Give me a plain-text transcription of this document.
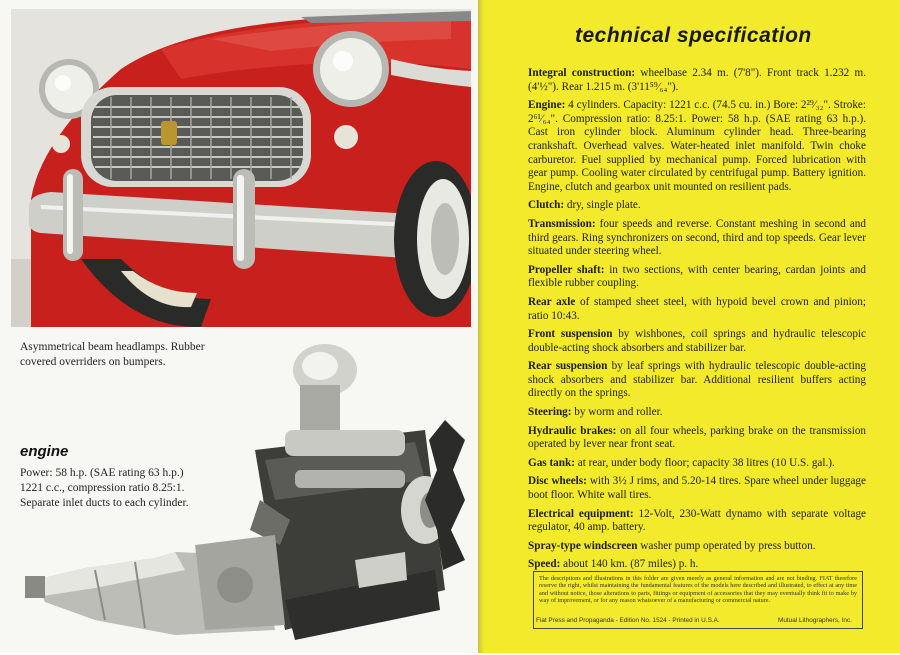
Asymmetrical beam headlamps. Rubber covered overriders on bumpers.
engine
Power: 58 h.p. (SAE rating 63 h.p.)
1221 c.c., compression ratio 8.25:1.
Separate inlet ducts to each cylinder.
technical specification

Integral construction: wheelbase 2.34 m. (7'8"). Front track 1.232 m. (4'½"). Rear 1.215 m. (3'11⁵⁹⁄₆₄").

Engine: 4 cylinders. Capacity: 1221 c.c. (74.5 cu. in.) Bore: 2²⁹⁄₃₂". Stroke: 2⁶¹⁄₆₄". Compression ratio: 8.25:1. Power: 58 h.p. (SAE rating 63 h.p.). Cast iron cylinder block. Aluminum cylinder head. Three-bearing crankshaft. Overhead valves. Water-heated inlet manifold. Twin choke carburetor. Fuel supplied by mechanical pump. Forced lubrication with gear pump. Cooling water circulated by centrifugal pump. Battery ignition. Engine, clutch and gearbox unit mounted on resilient pads.

Clutch: dry, single plate.

Transmission: four speeds and reverse. Constant meshing in second and third gears. Ring synchronizers on second, third and top speeds. Gear lever situated under steering wheel.

Propeller shaft: in two sections, with center bearing, cardan joints and flexible rubber coupling.

Rear axle of stamped sheet steel, with hypoid bevel crown and pinion; ratio 10:43.

Front suspension by wishbones, coil springs and hydraulic telescopic double-acting shock absorbers and stabilizer bar.

Rear suspension by leaf springs with hydraulic telescopic double-acting shock absorbers and stabilizer bar. Additional resilient buffers acting directly on the springs.

Steering: by worm and roller.

Hydraulic brakes: on all four wheels, parking brake on the transmission operated by lever near front seat.

Gas tank: at rear, under body floor; capacity 38 litres (10 U.S. gal.).

Disc wheels: with 3½ J rims, and 5.20-14 tires. Spare wheel under luggage boot floor. White wall tires.

Electrical equipment: 12-Volt, 230-Watt dynamo with separate voltage regulator, 40 amp. battery.

Spray-type windscreen washer pump operated by press button.

Speed: about 140 km. (87 miles) p. h.

The descriptions and illustrations in this folder are given merely as general information and are not binding. FIAT therefore reserve the right, whilst maintaining the fundamental features of the models here described and illustrated, to effect at any time and without notice, those alterations to parts, fittings or equipment of accessories that they may eventually think fit to make by way of improvement, or for any reason whatsoever of a manufacturing or commercial nature.
Fiat Press and Propaganda - Edition No. 1524 - Printed in U.S.A.	Mutual Lithographers, Inc.
